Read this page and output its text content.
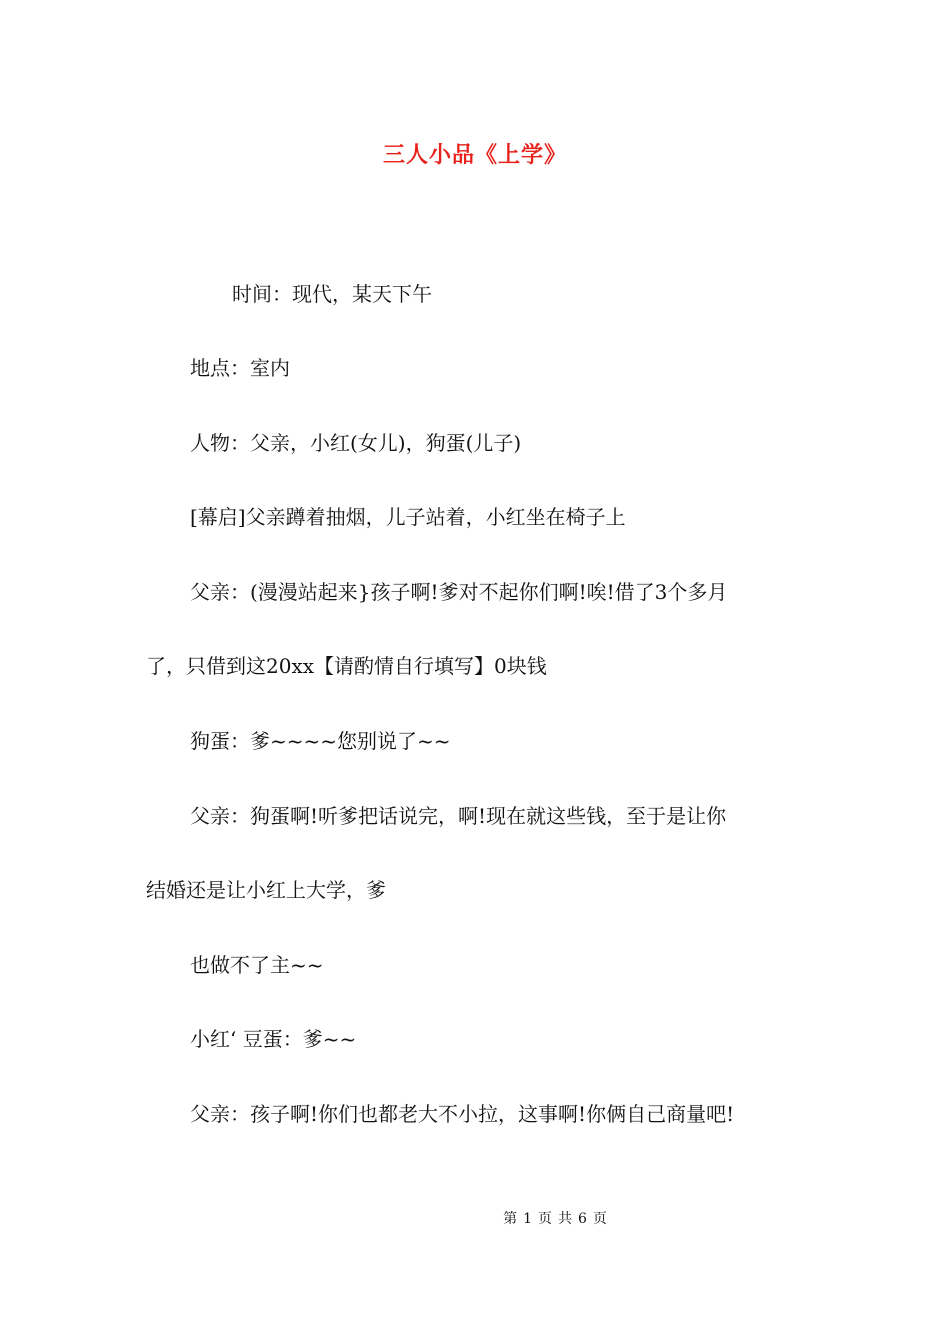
三人小品《上学》
时间：现代，某天下午
地点：室内
人物：父亲，小红(女儿)，狗蛋(儿子)
[幕启]父亲蹲着抽烟，儿子站着，小红坐在椅子上
父亲：(漫漫站起来}孩子啊!爹对不起你们啊!唉!借了3个多月
了，只借到这20xx【请酌情自行填写】0块钱
狗蛋：爹~~~~您别说了~~
父亲：狗蛋啊!听爹把话说完，啊!现在就这些钱，至于是让你
结婚还是让小红上大学，爹
也做不了主~~
小红‘ 豆蛋：爹~~
父亲：孩子啊!你们也都老大不小拉，这事啊!你俩自己商量吧!
第 1 页 共 6 页
